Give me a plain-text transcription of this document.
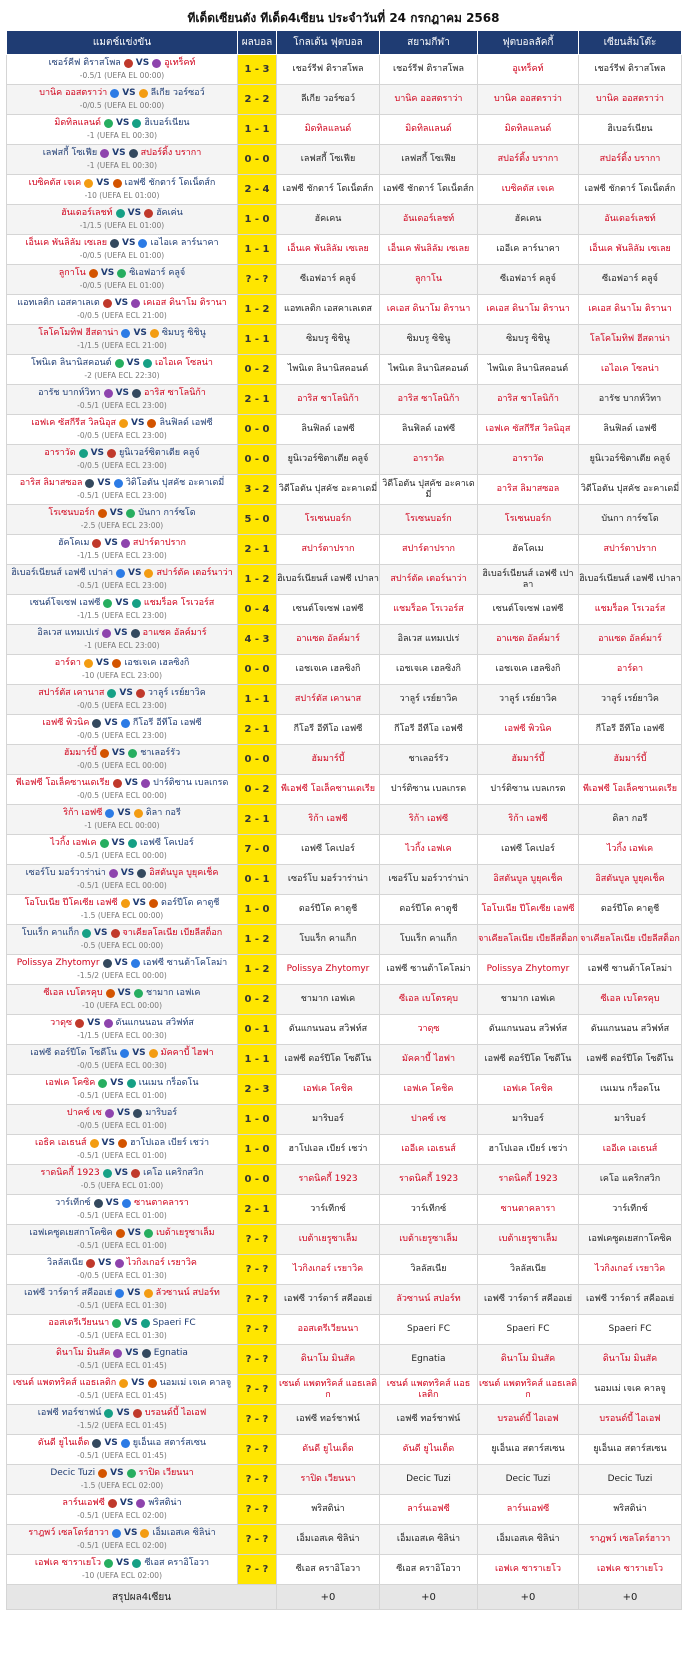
ทีเด็ดเซียนดัง ทีเด็ด4เซียน ประจำวันที่ 24 กรกฎาคม 2568
แมตช์แข่งขัน	ผลบอล	โกลเด้น ฟุตบอล	สยามกีฬา	ฟุตบอลลัคกี้	เซียนส้มโต๊ะ

เซอร์คีฟ ติราสโพล VS อูเทร็คท์
-0.5/1 (UEFA EL 00:00)	1 - 3	เชอร์รีฟ ติราสโพล	เชอร์รีฟ ติราสโพล	อูเทร็คท์	เชอร์รีฟ ติราสโพล

บานิค ออสตราว่า VS ลีเกีย วอร์ซอว์
-0/0.5 (UEFA EL 00:00)	2 - 2	ลีเกีย วอร์ซอว์	บานิค ออสตราว่า	บานิค ออสตราว่า	บานิค ออสตราว่า

มิดทิลแลนด์ VS ฮิเบอร์เนียน
-1 (UEFA EL 00:30)	1 - 1	มิดทิลแลนด์	มิดทิลแลนด์	มิดทิลแลนด์	ฮิเบอร์เนียน

เลฟสกี้ โซเฟีย VS สปอร์ติ้ง บรากา
-1 (UEFA EL 00:30)	0 - 0	เลฟสกี้ โซเฟีย	เลฟสกี้ โซเฟีย	สปอร์ติ้ง บรากา	สปอร์ติ้ง บรากา

เบซิคตัส เจเค VS เอฟซี ชักตาร์ โดเน็ตส์ก
-10 (UEFA EL 01:00)	2 - 4	เอฟซี ชักตาร์ โดเน็ตส์ก	เอฟซี ชักตาร์ โดเน็ตส์ก	เบซิคตัส เจเค	เอฟซี ชักตาร์ โดเน็ตส์ก

ฮันเดอร์เลชท์ VS ฮัคเค่น
-1/1.5 (UEFA EL 01:00)	1 - 0	ฮัคเคน	อันเดอร์เลชท์	ฮัคเคน	อันเดอร์เลชท์

เอ็นเค พันลิลัม เซเลย VS เอไอเค ลาร์นาคา
-0/0.5 (UEFA EL 01:00)	1 - 1	เอ็นเค พันลิลัม เซเลย	เอ็นเค พันลิลัม เซเลย	เออีเค ลาร์นาคา	เอ็นเค พันลิลัม เซเลย

ลูกาโน VS ซิเอฟอาร์ คลูจ์
-0/0.5 (UEFA EL 01:00)	? - ?	ซีเอฟอาร์ คลูจ์	ลูกาโน	ซีเอฟอาร์ คลูจ์	ซีเอฟอาร์ คลูจ์

แอทเลติก เอสคาเลเต VS เคเอส ดินาโม ติรานา
-0/0.5 (UEFA ECL 21:00)	1 - 2	แอทเลติก เอสคาเลเตส	เคเอส ดินาโม ติรานา	เคเอส ดินาโม ติรานา	เคเอส ดินาโม ติรานา

โลโคโมทิฟ ฮีสดาน่า VS ซิมบรู ซิชินู
-1/1.5 (UEFA ECL 21:00)	1 - 1	ซิมบรู ซิชินู	ซิมบรู ซิชินู	ซิมบรู ซิชินู	โลโคโมทิฟ ฮีสดาน่า

โพนิเต ลินานิสคอนต์ VS เอไอเค โซลน่า
-2 (UEFA ECL 22:30)	0 - 2	ไพนิเต ลินานิสคอนต์	ไพนิเต ลินานิสคอนต์	ไพนิเต ลินานิสคอนต์	เอไอเค โซลน่า

อารัช บากห์วิทา VS อาริส ซาโลนิก้า
-0.5/1 (UEFA ECL 23:00)	2 - 1	อาริส ซาโลนิก้า	อาริส ซาโลนิก้า	อาริส ซาโลนิก้า	อารัช บากห์วิทา

เอฟเค ซัสกีรีส วิลนิอุส VS ลินฟิลด์ เอฟซี
-0/0.5 (UEFA ECL 23:00)	0 - 0	ลินฟิลด์ เอฟซี	ลินฟิลด์ เอฟซี	เอฟเค ซัสกีรีส วิลนิอุส	ลินฟิลด์ เอฟซี

อาราวัด VS ยูนิเวอร์ซิตาเตีย คลูจ์
-0/0.5 (UEFA ECL 23:00)	0 - 0	ยูนิเวอร์ซิตาเตีย คลูจ์	อาราวัด	อาราวัด	ยูนิเวอร์ซิตาเตีย คลูจ์

อาริส ลิมาสซอล VS วิดิโอตัน ปุสคัช อะคาเดมี่
-0.5/1 (UEFA ECL 23:00)	3 - 2	วิดีโอตัน ปุสคัช อะคาเดมี่	วิดีโอตัน ปุสคัช อะคาเดมี่	อาริส ลิมาสซอล	วิดีโอตัน ปุสคัช อะคาเดมี่

โรเซนบอร์ก VS บันกา การ์ซโด
-2.5 (UEFA ECL 23:00)	5 - 0	โรเซนบอร์ก	โรเซนบอร์ก	โรเซนบอร์ก	บันกา การ์ซโด

ฮัคโคเม VS สปาร์ตาปราก
-1/1.5 (UEFA ECL 23:00)	2 - 1	สปาร์ตาปราก	สปาร์ตาปราก	ฮัคโคเม	สปาร์ตาปราก

ฮิเบอร์เนียนส์ เอฟซี เปาล่า VS สปาร์ตัค เตอร์นาว่า
-0.5/1 (UEFA ECL 23:00)	1 - 2	ฮิเบอร์เนียนส์ เอฟซี เปาลา	สปาร์ตัค เตอร์นาว่า	ฮิเบอร์เนียนส์ เอฟซี เปาลา	ฮิเบอร์เนียนส์ เอฟซี เปาลา

เซนต์โจเซฟ เอฟซี VS แชมร็อค โรเวอร์ส
-1/1.5 (UEFA ECL 23:00)	0 - 4	เซนต์โจเซฟ เอฟซี	แชมร็อค โรเวอร์ส	เซนต์โจเซฟ เอฟซี	แชมร็อค โรเวอร์ส

อิลเวส แทมเปเร่ VS อาแซค อัลค์มาร์
-1 (UEFA ECL 23:00)	4 - 3	อาแซด อัลค์มาร์	อิลเวส แทมเปเร่	อาแซด อัลค์มาร์	อาแซด อัลค์มาร์

อาร์ดา VS เอชเจเค เฮลซิงกิ
-10 (UEFA ECL 23:00)	0 - 0	เอชเจเค เฮลซิงกิ	เอชเจเค เฮลซิงกิ	เอชเจเค เฮลซิงกิ	อาร์ดา

สปาร์ตัส เคานาส VS วาลูร์ เรย์ยาวิค
-0/0.5 (UEFA ECL 23:00)	1 - 1	สปาร์ตัส เคานาส	วาลูร์ เรย์ยาวิค	วาลูร์ เรย์ยาวิค	วาลูร์ เรย์ยาวิค

เอฟซี พิวนิค VS กีโอรี อีทีโอ เอฟซี
-0/0.5 (UEFA ECL 23:00)	2 - 1	กีโอรี อีทีโอ เอฟซี	กีโอรี อีทีโอ เอฟซี	เอฟซี พิวนิค	กีโอรี อีทีโอ เอฟซี

ฮัมมาร์บี้ VS ชาเลอร์รัว
-0/0.5 (UEFA ECL 00:00)	0 - 0	ฮัมมาร์บี้	ชาเลอร์รัว	ฮัมมาร์บี้	ฮัมมาร์บี้

พีเอฟซี โอเล็คซานเดเรีย VS ปาร์ติซาน เบลเกรด
-0/0.5 (UEFA ECL 00:00)	0 - 2	พีเอฟซี โอเล็คซานเดเรีย	ปาร์ติซาน เบลเกรด	ปาร์ติซาน เบลเกรด	พีเอฟซี โอเล็คซานเดเรีย

ริก้า เอฟซี VS ดิลา กอรี
-1 (UEFA ECL 00:00)	2 - 1	ริก้า เอฟซี	ริก้า เอฟซี	ริก้า เอฟซี	ดิลา กอรี

ไวกิ้ง เอฟเค VS เอฟซี โคเปอร์
-0.5/1 (UEFA ECL 00:00)	7 - 0	เอฟซี โคเปอร์	ไวกิ้ง เอฟเค	เอฟซี โคเปอร์	ไวกิ้ง เอฟเค

เซอร์โบ มอร์วาร่าน่า VS อิสตันบูล บูยุคเช็ค
-0.5/1 (UEFA ECL 00:00)	0 - 1	เซอร์โบ มอร์วาร่าน่า	เซอร์โบ มอร์วาร่าน่า	อิสตันบูล บูยุคเช็ค	อิสตันบูล บูยุคเช็ค

โอโบเนีย ปีโคเซีย เอฟซี VS ดอร์ปีโด คาตูชี
-1.5 (UEFA ECL 00:00)	1 - 0	ดอร์ปีโด คาตูชี	ดอร์ปีโด คาตูชี	โอโบเนีย ปีโคเซีย เอฟซี	ดอร์ปีโด คาตูชี

โบแร็ก คาแก็ก VS จาเคียลโลเนีย เบียลีสต็อก
-0.5 (UEFA ECL 00:00)	1 - 2	โบแร็ก คาแก็ก	โบแร็ก คาแก็ก	จาเคียลโลเนีย เบียลีสต็อก	จาเคียลโลเนีย เบียลีสต็อก

Polissya Zhytomyr VS เอฟซี ซานต้าโคโลม่า
-1.5/2 (UEFA ECL 00:00)	1 - 2	Polissya Zhytomyr	เอฟซี ซานต้าโคโลม่า	Polissya Zhytomyr	เอฟซี ซานต้าโคโลม่า

ซีเอล เบโตรคุบ VS ชามาก เอฟเค
-10 (UEFA ECL 00:00)	0 - 2	ชามาก เอฟเค	ซีเอล เบโตรคุบ	ชามาก เอฟเค	ซีเอล เบโตรคุบ

วาดุซ VS ดันแกนนอน สวิฟท์ส
-1/1.5 (UEFA ECL 00:30)	0 - 1	ดันแกนนอน สวิฟท์ส	วาดุซ	ดันแกนนอน สวิฟท์ส	ดันแกนนอน สวิฟท์ส

เอฟซี ดอร์ปีโด โซดีโน VS มัคคาบี้ ไฮฟา
-0/0.5 (UEFA ECL 00:30)	1 - 1	เอฟซี ดอร์ปีโด โซดีโน	มัคคาบี้ ไฮฟา	เอฟซี ดอร์ปีโด โซดีโน	เอฟซี ดอร์ปีโด โซดีโน

เอฟเค โคซิค VS เนเมน กร็อดโน
-0.5/1 (UEFA ECL 01:00)	2 - 3	เอฟเค โคชิค	เอฟเค โคชิค	เอฟเค โคชิค	เนเมน กร็อดโน

ปาคซ์ เซ VS มาริบอร์
-0/0.5 (UEFA ECL 01:00)	1 - 0	มาริบอร์	ปาคซ์ เซ	มาริบอร์	มาริบอร์

เอธิค เอเธนส์ VS ฮาโปเอล เบียร์ เชว่า
-0.5/1 (UEFA ECL 01:00)	1 - 0	ฮาโปเอล เบียร์ เชว่า	เออีเค เอเธนส์	ฮาโปเอล เบียร์ เชว่า	เออีเค เอเธนส์

ราดนิคกี้ 1923 VS เคโอ แคริกสวิก
-0.5 (UEFA ECL 01:00)	0 - 0	ราดนิคกี้ 1923	ราดนิคกี้ 1923	ราดนิคกี้ 1923	เคโอ แคริกสวิก

วาร์เทีกซ์ VS ซานตาคลารา
-0.5/1 (UEFA ECL 01:00)	2 - 1	วาร์เทีกซ์	วาร์เทีกซ์	ซานตาคลารา	วาร์เทีกซ์

เอฟเคซูดเยสกาโคซิค VS เบด้าเยรูซาเล็ม
-0.5/1 (UEFA ECL 01:00)	? - ?	เบต้าเยรูซาเล็ม	เบต้าเยรูซาเล็ม	เบต้าเยรูซาเล็ม	เอฟเคซูดเยสกาโคซิค

วิลลัสเนีย VS ไวกิงเกอร์ เรยาวิค
-0/0.5 (UEFA ECL 01:30)	? - ?	ไวกิงเกอร์ เรยาวิค	วิลลัสเนีย	วิลลัสเนีย	ไวกิงเกอร์ เรยาวิค

เอฟซี วาร์ดาร์ สคีออเย่ VS ลัวซานน์ สปอร์ท
-0.5/1 (UEFA ECL 01:30)	? - ?	เอฟซี วาร์ดาร์ สคีออเย่	ลัวซานน์ สปอร์ท	เอฟซี วาร์ดาร์ สคีออเย่	เอฟซี วาร์ดาร์ สคีออเย่

ออสเตรีเวียนนา VS Spaeri FC
-0.5/1 (UEFA ECL 01:30)	? - ?	ออสเตรีเวียนนา	Spaeri FC	Spaeri FC	Spaeri FC

ดินาโม มินสัค VS Egnatia
-0.5/1 (UEFA ECL 01:45)	? - ?	ดินาโม มินสัค	Egnatia	ดินาโม มินสัค	ดินาโม มินสัค

เซนต์ แพตทริคส์ แอธเลติก VS นอมเม่ เจเค คาลจู
-0.5/1 (UEFA ECL 01:45)	? - ?	เซนต์ แพตทริคส์ แอธเลติก	เซนต์ แพตทริคส์ แอธเลติก	เซนต์ แพตทริคส์ แอธเลติก	นอมเม่ เจเค คาลจู

เอฟซี ทอร์ชาฟน์ VS บรอนด์บี้ ไอเอฟ
-1.5/2 (UEFA ECL 01:45)	? - ?	เอฟซี ทอร์ชาฟน์	เอฟซี ทอร์ชาฟน์	บรอนด์บี้ ไอเอฟ	บรอนด์บี้ ไอเอฟ

ดันดี ยูไนเต็ด VS ยูเอ็นเอ สตาร์สเซน
-0.5/1 (UEFA ECL 01:45)	? - ?	ดันดี ยูไนเต็ด	ดันดี ยูไนเต็ด	ยูเอ็นเอ สตาร์สเซน	ยูเอ็นเอ สตาร์สเซน

Decic Tuzi VS ราปิด เวียนนา
-1.5 (UEFA ECL 02:00)	? - ?	ราปิด เวียนนา	Decic Tuzi	Decic Tuzi	Decic Tuzi

ลาร์นเอฟซี VS พริสติน่า
-0.5/1 (UEFA ECL 02:00)	? - ?	พริสติน่า	ลาร์นเอฟซี	ลาร์นเอฟซี	พริสติน่า

ราฎพว์ เซลโตร์ฮาวา VS เอ็มเอสเค ซิลิน่า
-0.5/1 (UEFA ECL 02:00)	? - ?	เอ็มเอสเค ซิลิน่า	เอ็มเอสเค ซิลิน่า	เอ็มเอสเค ซิลิน่า	ราฎพว์ เซลโตร์ฮาวา

เอฟเค ซาราเยโว VS ซีเอส คราอิโอวา
-10 (UEFA ECL 02:00)	? - ?	ซีเอส คราอิโอวา	ซีเอส คราอิโอวา	เอฟเค ซาราเยโว	เอฟเค ซาราเยโว
สรุปผล4เซียน		+0	+0	+0	+0
